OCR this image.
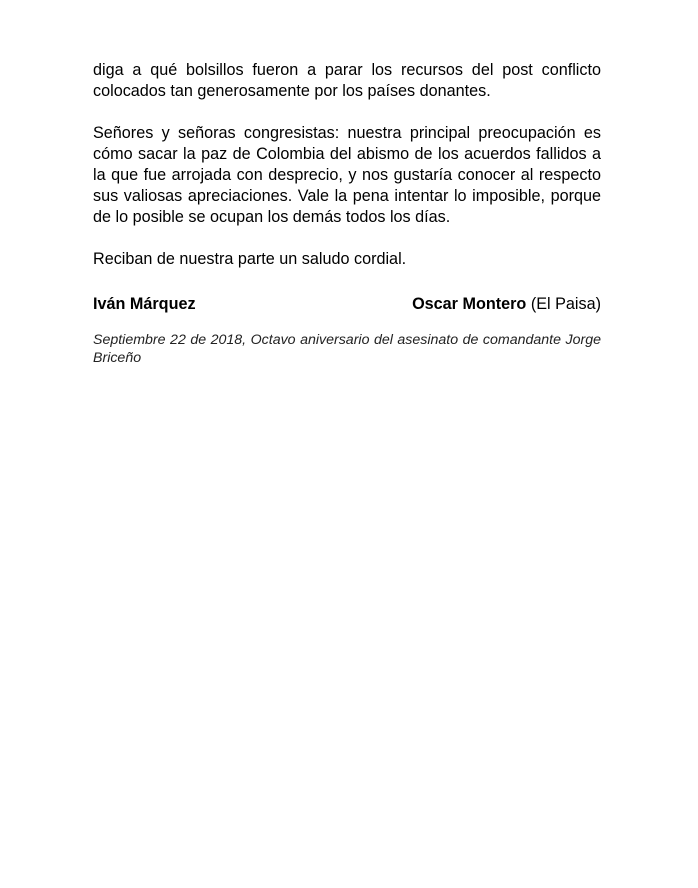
diga a qué bolsillos fueron a parar los recursos del post conflicto
colocados tan generosamente por los países donantes.

Señores y señoras congresistas: nuestra principal preocupación es
cómo sacar la paz de Colombia del abismo de los acuerdos fallidos a
la que fue arrojada con desprecio, y nos gustaría conocer al respecto
sus valiosas apreciaciones. Vale la pena intentar lo imposible, porque
de lo posible se ocupan los demás todos los días.

Reciban de nuestra parte un saludo cordial.

Iván Márquez	Oscar Montero (El Paisa)
Septiembre 22 de 2018, Octavo aniversario del asesinato de comandante Jorge
Briceño
